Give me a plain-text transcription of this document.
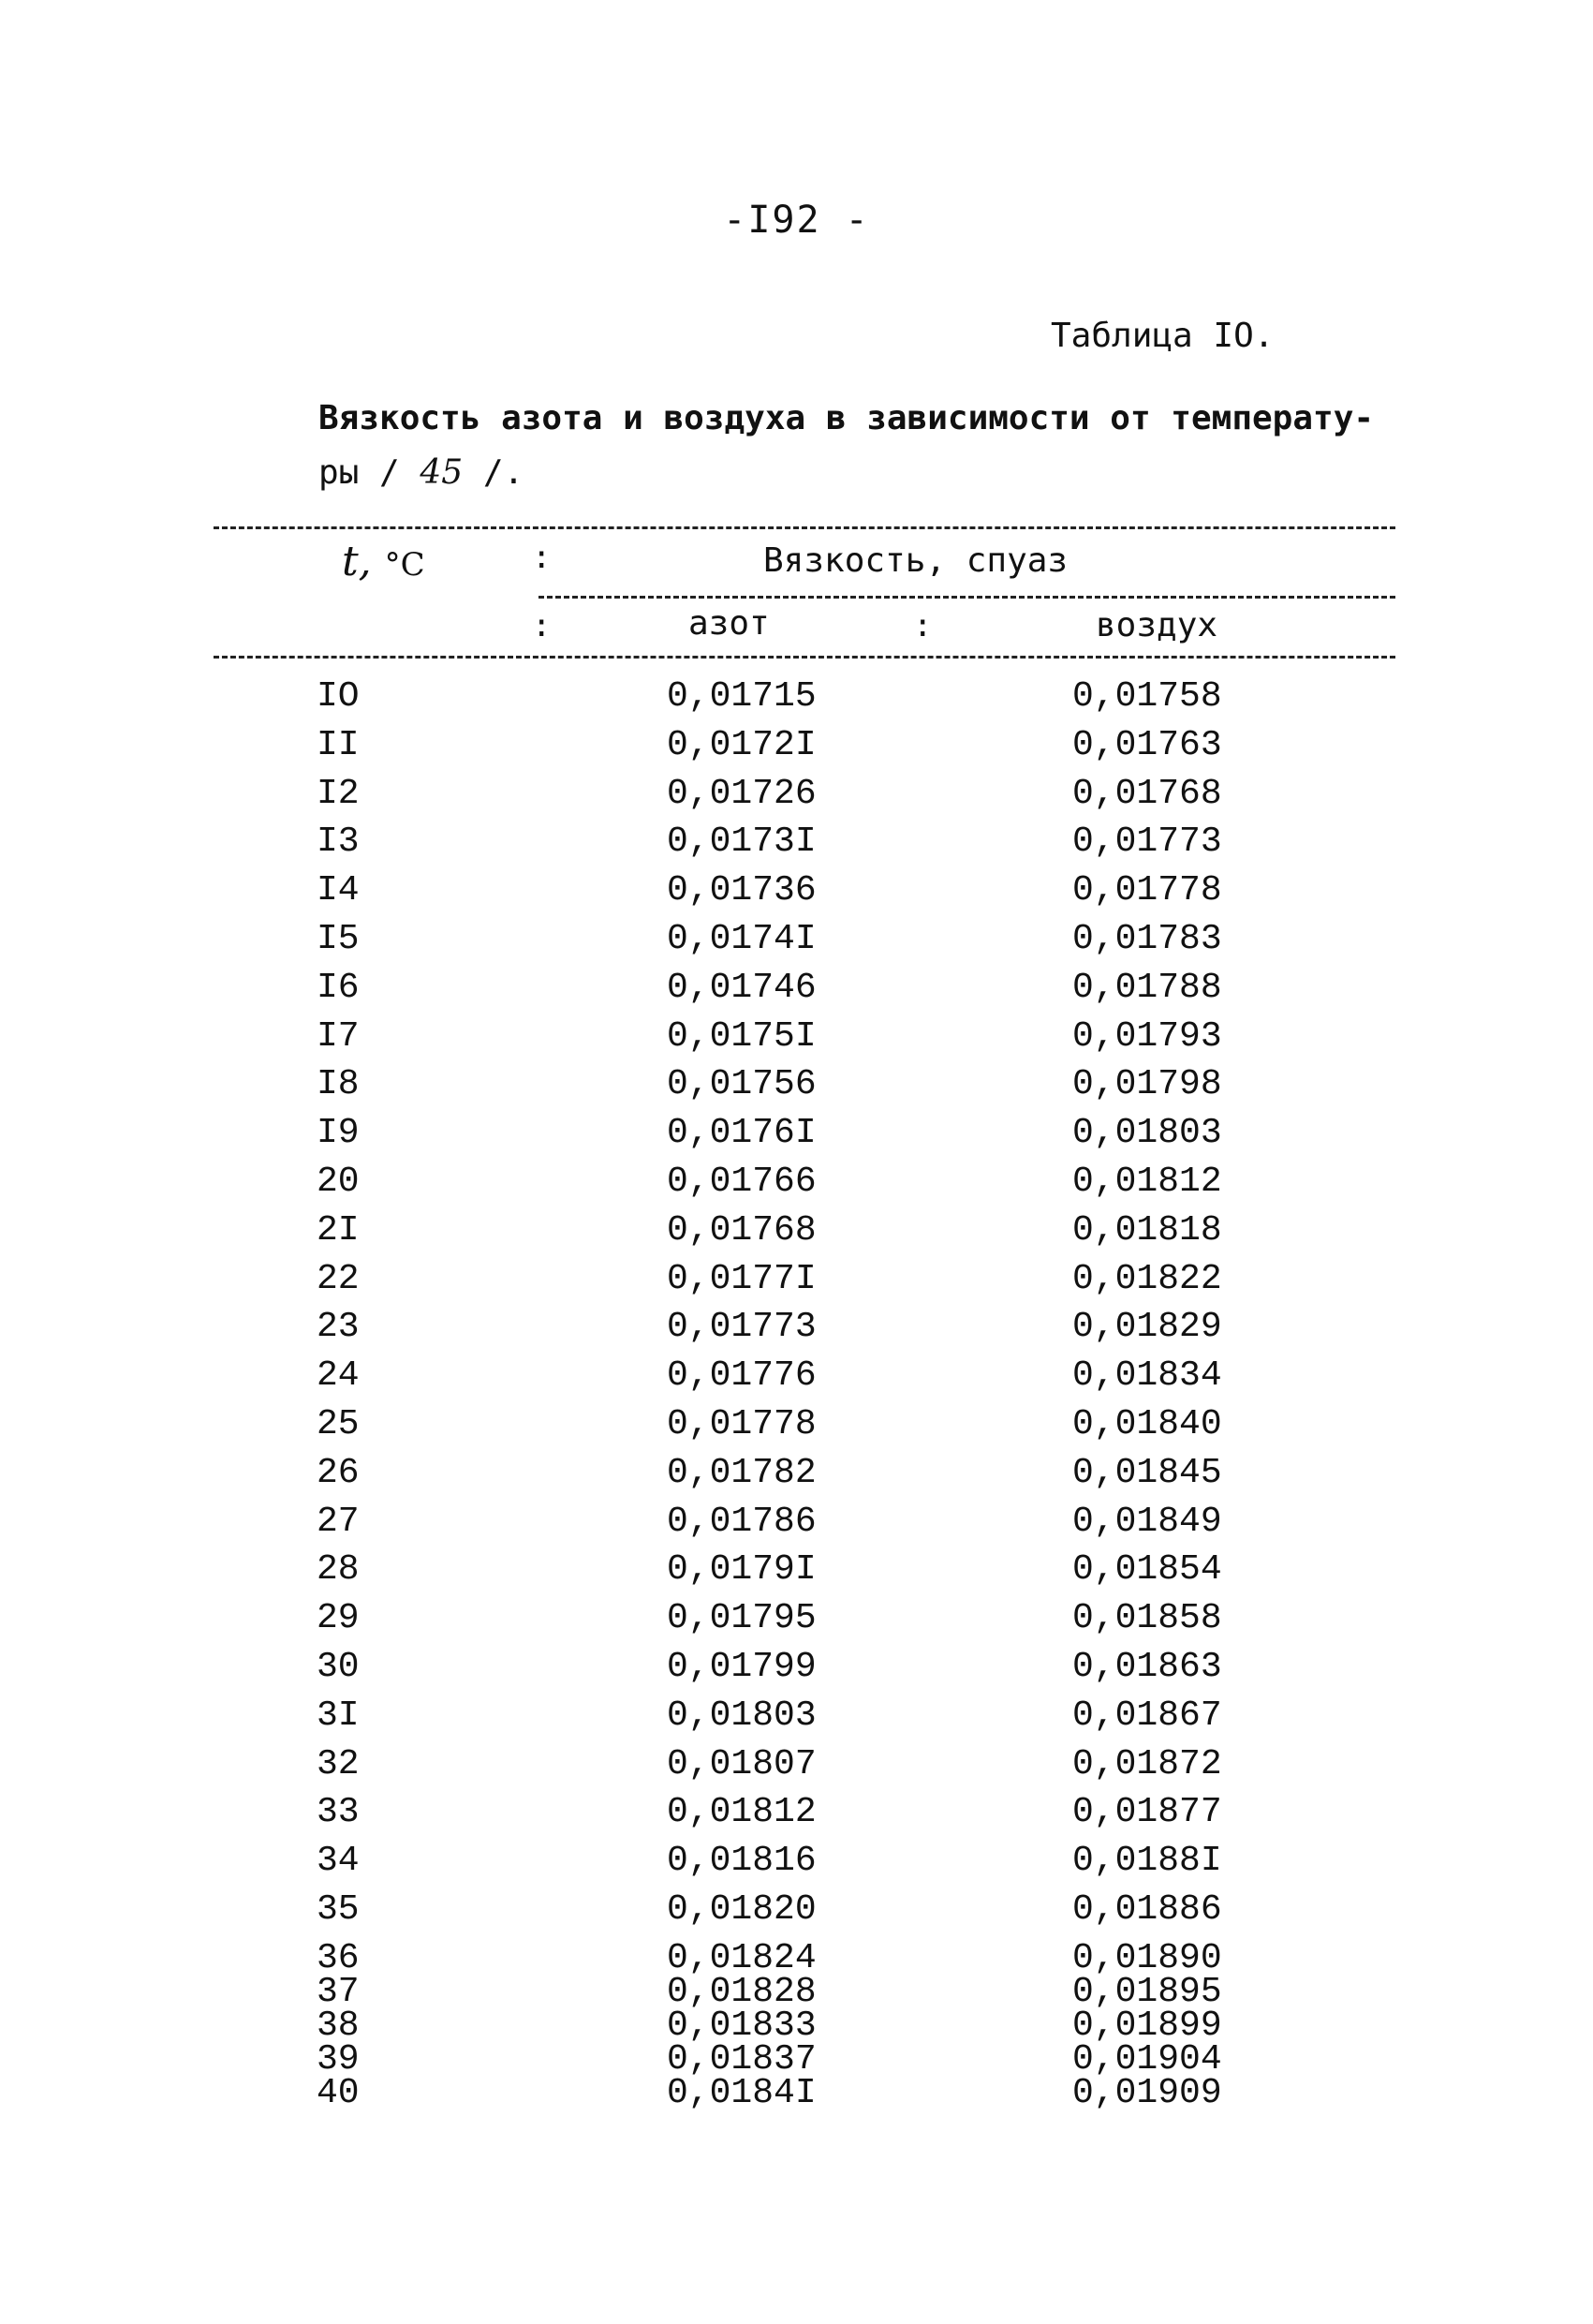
-I92 -
Таблица IO.
Вязкость азота и воздуха в зависимости от температу-
ры / 45 /.
t, °C	:
:	:
Вязкость, спуаз
азот	воздух
IO	0,01715	0,01758
II	0,0172I	0,01763
I2	0,01726	0,01768
I3	0,0173I	0,01773
I4	0,01736	0,01778
I5	0,0174I	0,01783
I6	0,01746	0,01788
I7	0,0175I	0,01793
I8	0,01756	0,01798
I9	0,0176I	0,01803
20	0,01766	0,01812
2I	0,01768	0,01818
22	0,0177I	0,01822
23	0,01773	0,01829
24	0,01776	0,01834
25	0,01778	0,01840
26	0,01782	0,01845
27	0,01786	0,01849
28	0,0179I	0,01854
29	0,01795	0,01858
30	0,01799	0,01863
3I	0,01803	0,01867
32	0,01807	0,01872
33	0,01812	0,01877
34	0,01816	0,0188I
35	0,01820	0,01886
36	0,01824	0,01890
37	0,01828	0,01895
38	0,01833	0,01899
39	0,01837	0,01904
40	0,0184I	0,01909
